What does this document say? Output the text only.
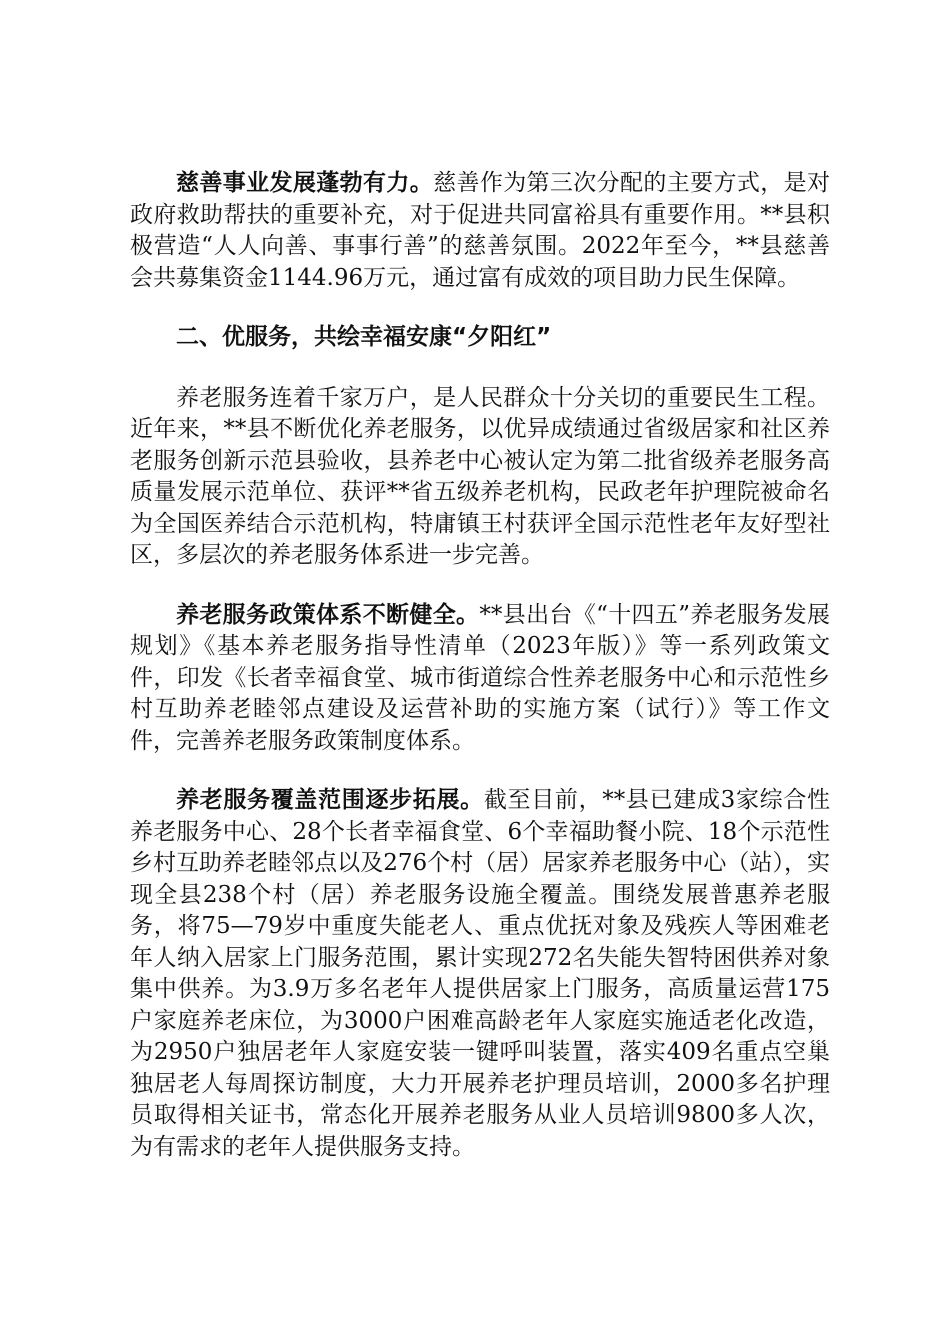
慈善事业发展蓬勃有力。慈善作为第三次分配的主要方式，是对政府救助帮扶的重要补充，对于促进共同富裕具有重要作用。**县积极营造“人人向善、事事行善”的慈善氛围。2022年至今，**县慈善会共募集资金1144.96万元，通过富有成效的项目助力民生保障。

二、优服务，共绘幸福安康“夕阳红”

养老服务连着千家万户，是人民群众十分关切的重要民生工程。近年来，**县不断优化养老服务，以优异成绩通过省级居家和社区养老服务创新示范县验收，县养老中心被认定为第二批省级养老服务高质量发展示范单位、获评**省五级养老机构，民政老年护理院被命名为全国医养结合示范机构，特庸镇王村获评全国示范性老年友好型社区，多层次的养老服务体系进一步完善。

养老服务政策体系不断健全。**县出台《“十四五”养老服务发展规划》《基本养老服务指导性清单（2023年版）》等一系列政策文件，印发《长者幸福食堂、城市街道综合性养老服务中心和示范性乡村互助养老睦邻点建设及运营补助的实施方案（试行）》等工作文件，完善养老服务政策制度体系。

养老服务覆盖范围逐步拓展。截至目前，**县已建成3家综合性养老服务中心、28个长者幸福食堂、6个幸福助餐小院、18个示范性乡村互助养老睦邻点以及276个村（居）居家养老服务中心（站），实现全县238个村（居）养老服务设施全覆盖。围绕发展普惠养老服务，将75—79岁中重度失能老人、重点优抚对象及残疾人等困难老年人纳入居家上门服务范围，累计实现272名失能失智特困供养对象集中供养。为3.9万多名老年人提供居家上门服务，高质量运营175户家庭养老床位，为3000户困难高龄老年人家庭实施适老化改造，为2950户独居老年人家庭安装一键呼叫装置，落实409名重点空巢独居老人每周探访制度，大力开展养老护理员培训，2000多名护理员取得相关证书，常态化开展养老服务从业人员培训9800多人次，为有需求的老年人提供服务支持。
